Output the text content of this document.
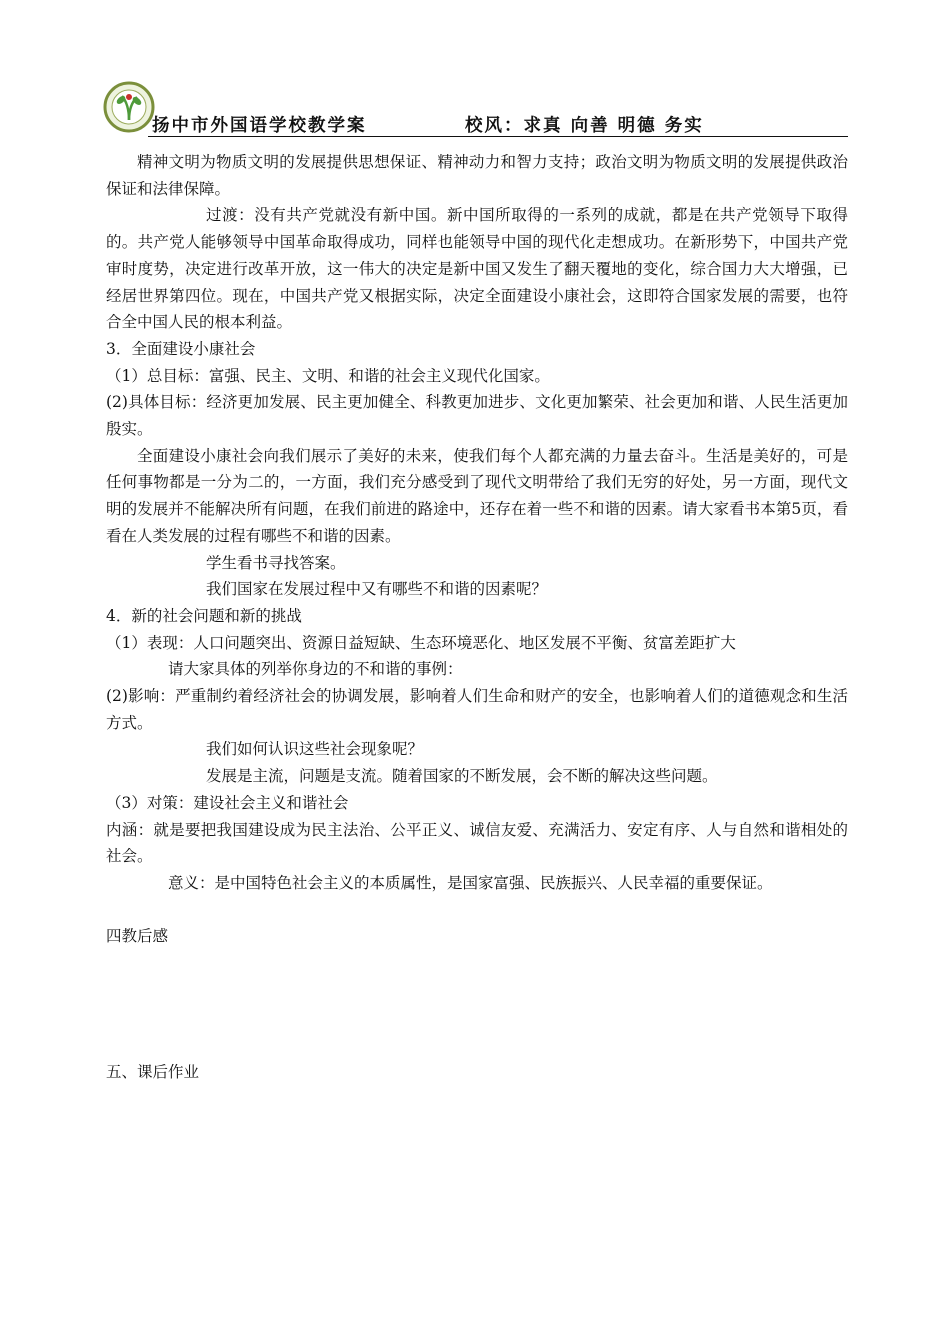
扬中市外国语学校教学案	校风：求真 向善 明德 务实

精神文明为物质文明的发展提供思想保证、精神动力和智力支持；政治文明为物质文明的发展提供政治保证和法律保障。

过渡：没有共产党就没有新中国。新中国所取得的一系列的成就，都是在共产党领导下取得的。共产党人能够领导中国革命取得成功，同样也能领导中国的现代化走想成功。在新形势下，中国共产党审时度势，决定进行改革开放，这一伟大的决定是新中国又发生了翻天覆地的变化，综合国力大大增强，已经居世界第四位。现在，中国共产党又根据实际，决定全面建设小康社会，这即符合国家发展的需要，也符合全中国人民的根本利益。

3．全面建设小康社会

（1）总目标：富强、民主、文明、和谐的社会主义现代化国家。

(2)具体目标：经济更加发展、民主更加健全、科教更加进步、文化更加繁荣、社会更加和谐、人民生活更加殷实。

全面建设小康社会向我们展示了美好的未来，使我们每个人都充满的力量去奋斗。生活是美好的，可是任何事物都是一分为二的，一方面，我们充分感受到了现代文明带给了我们无穷的好处，另一方面，现代文明的发展并不能解决所有问题，在我们前进的路途中，还存在着一些不和谐的因素。请大家看书本第5页，看看在人类发展的过程有哪些不和谐的因素。

学生看书寻找答案。

我们国家在发展过程中又有哪些不和谐的因素呢？

4．新的社会问题和新的挑战

（1）表现：人口问题突出、资源日益短缺、生态环境恶化、地区发展不平衡、贫富差距扩大

请大家具体的列举你身边的不和谐的事例：

(2)影响：严重制约着经济社会的协调发展，影响着人们生命和财产的安全，也影响着人们的道德观念和生活方式。

我们如何认识这些社会现象呢？

发展是主流，问题是支流。随着国家的不断发展，会不断的解决这些问题。

（3）对策：建设社会主义和谐社会

内涵：就是要把我国建设成为民主法治、公平正义、诚信友爱、充满活力、安定有序、人与自然和谐相处的社会。

意义：是中国特色社会主义的本质属性，是国家富强、民族振兴、人民幸福的重要保证。

四教后感

五、课后作业
